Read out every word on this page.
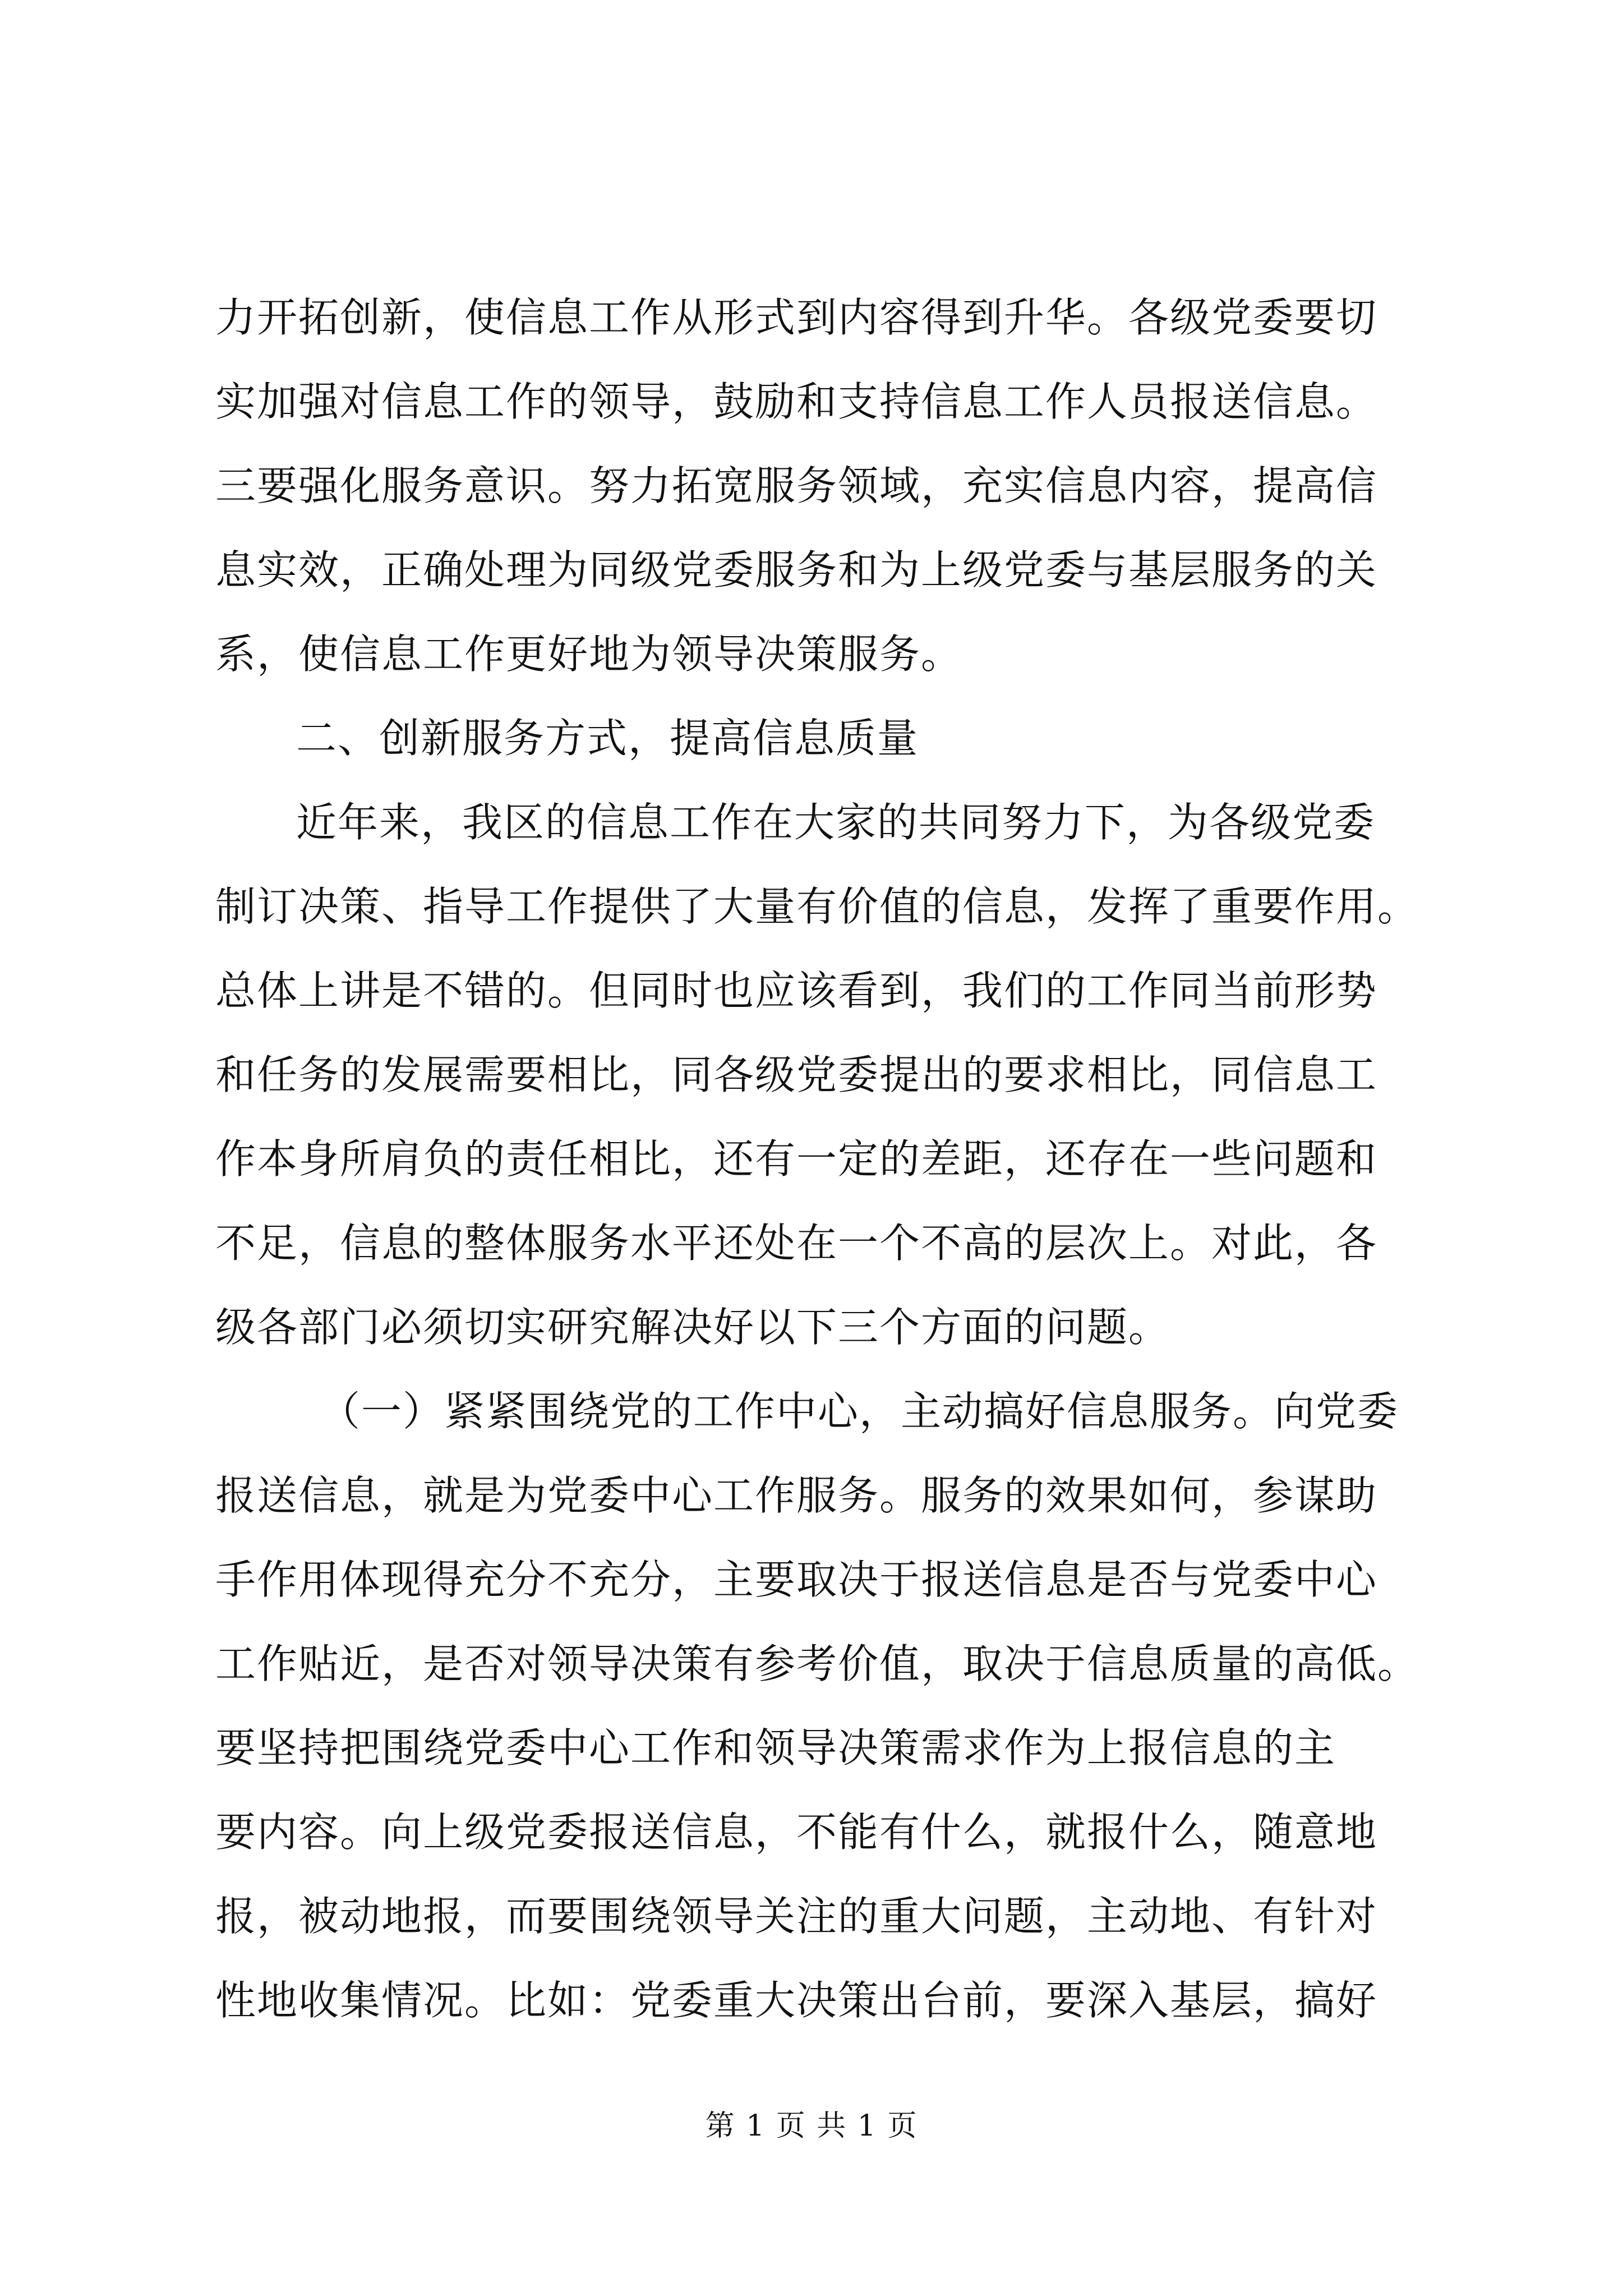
力开拓创新，使信息工作从形式到内容得到升华。各级党委要切
实加强对信息工作的领导，鼓励和支持信息工作人员报送信息。
三要强化服务意识。努力拓宽服务领域，充实信息内容，提高信
息实效，正确处理为同级党委服务和为上级党委与基层服务的关
系，使信息工作更好地为领导决策服务。
二、创新服务方式，提高信息质量
近年来，我区的信息工作在大家的共同努力下，为各级党委
制订决策、指导工作提供了大量有价值的信息，发挥了重要作用。
总体上讲是不错的。但同时也应该看到，我们的工作同当前形势
和任务的发展需要相比，同各级党委提出的要求相比，同信息工
作本身所肩负的责任相比，还有一定的差距，还存在一些问题和
不足，信息的整体服务水平还处在一个不高的层次上。对此，各
级各部门必须切实研究解决好以下三个方面的问题。
（一）紧紧围绕党的工作中心，主动搞好信息服务。向党委
报送信息，就是为党委中心工作服务。服务的效果如何，参谋助
手作用体现得充分不充分，主要取决于报送信息是否与党委中心
工作贴近，是否对领导决策有参考价值，取决于信息质量的高低。
要坚持把围绕党委中心工作和领导决策需求作为上报信息的主
要内容。向上级党委报送信息，不能有什么，就报什么，随意地
报，被动地报，而要围绕领导关注的重大问题，主动地、有针对
性地收集情况。比如：党委重大决策出台前，要深入基层，搞好
第 1 页 共 1 页
